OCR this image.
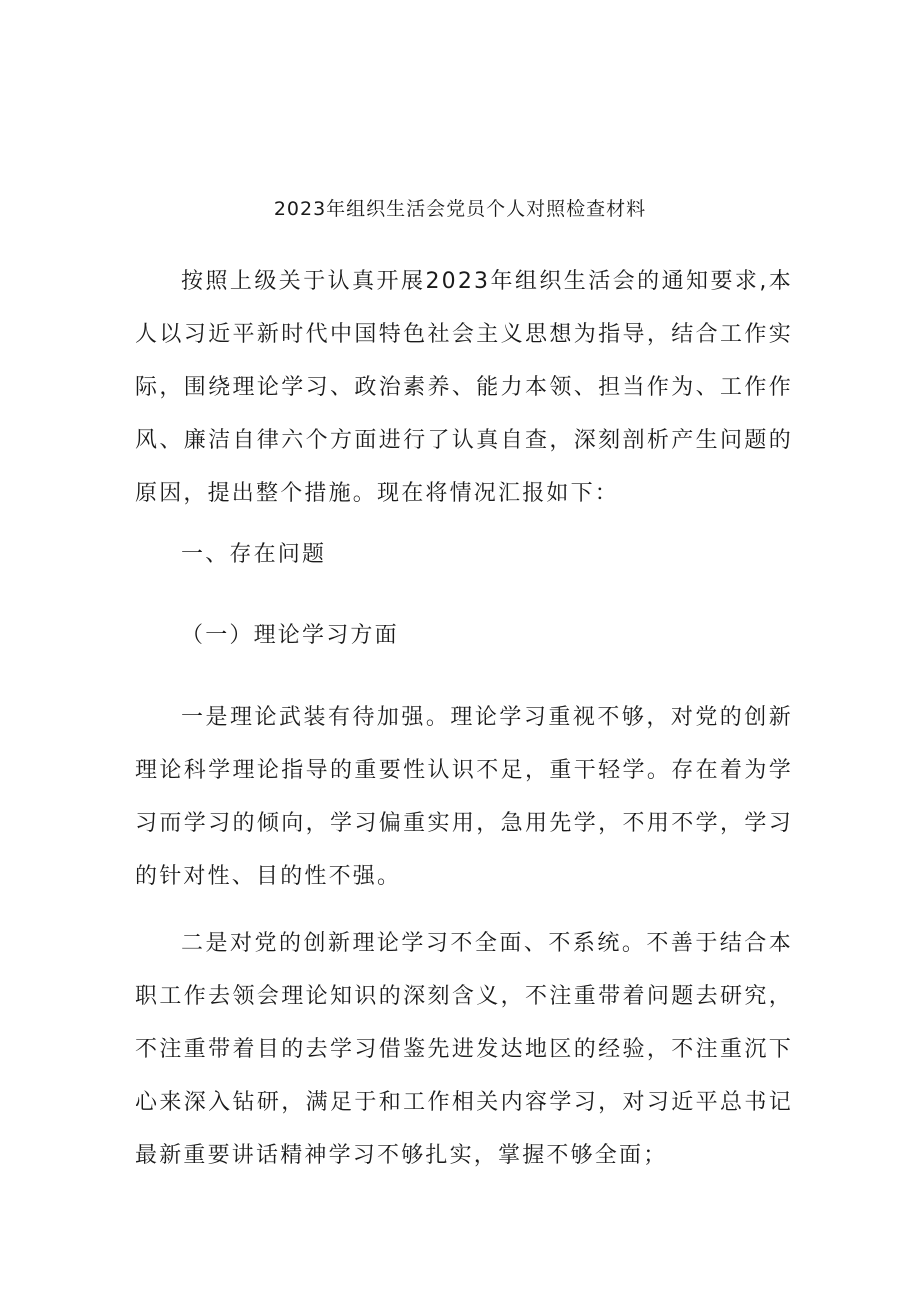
2023年组织生活会党员个人对照检查材料

按照上级关于认真开展2023年组织生活会的通知要求,本人以习近平新时代中国特色社会主义思想为指导，结合工作实际，围绕理论学习、政治素养、能力本领、担当作为、工作作风、廉洁自律六个方面进行了认真自查，深刻剖析产生问题的原因，提出整个措施。现在将情况汇报如下：

一、存在问题

（一）理论学习方面

一是理论武装有待加强。理论学习重视不够，对党的创新理论科学理论指导的重要性认识不足，重干轻学。存在着为学习而学习的倾向，学习偏重实用，急用先学，不用不学，学习的针对性、目的性不强。

二是对党的创新理论学习不全面、不系统。不善于结合本职工作去领会理论知识的深刻含义，不注重带着问题去研究，不注重带着目的去学习借鉴先进发达地区的经验，不注重沉下心来深入钻研，满足于和工作相关内容学习，对习近平总书记最新重要讲话精神学习不够扎实，掌握不够全面；
